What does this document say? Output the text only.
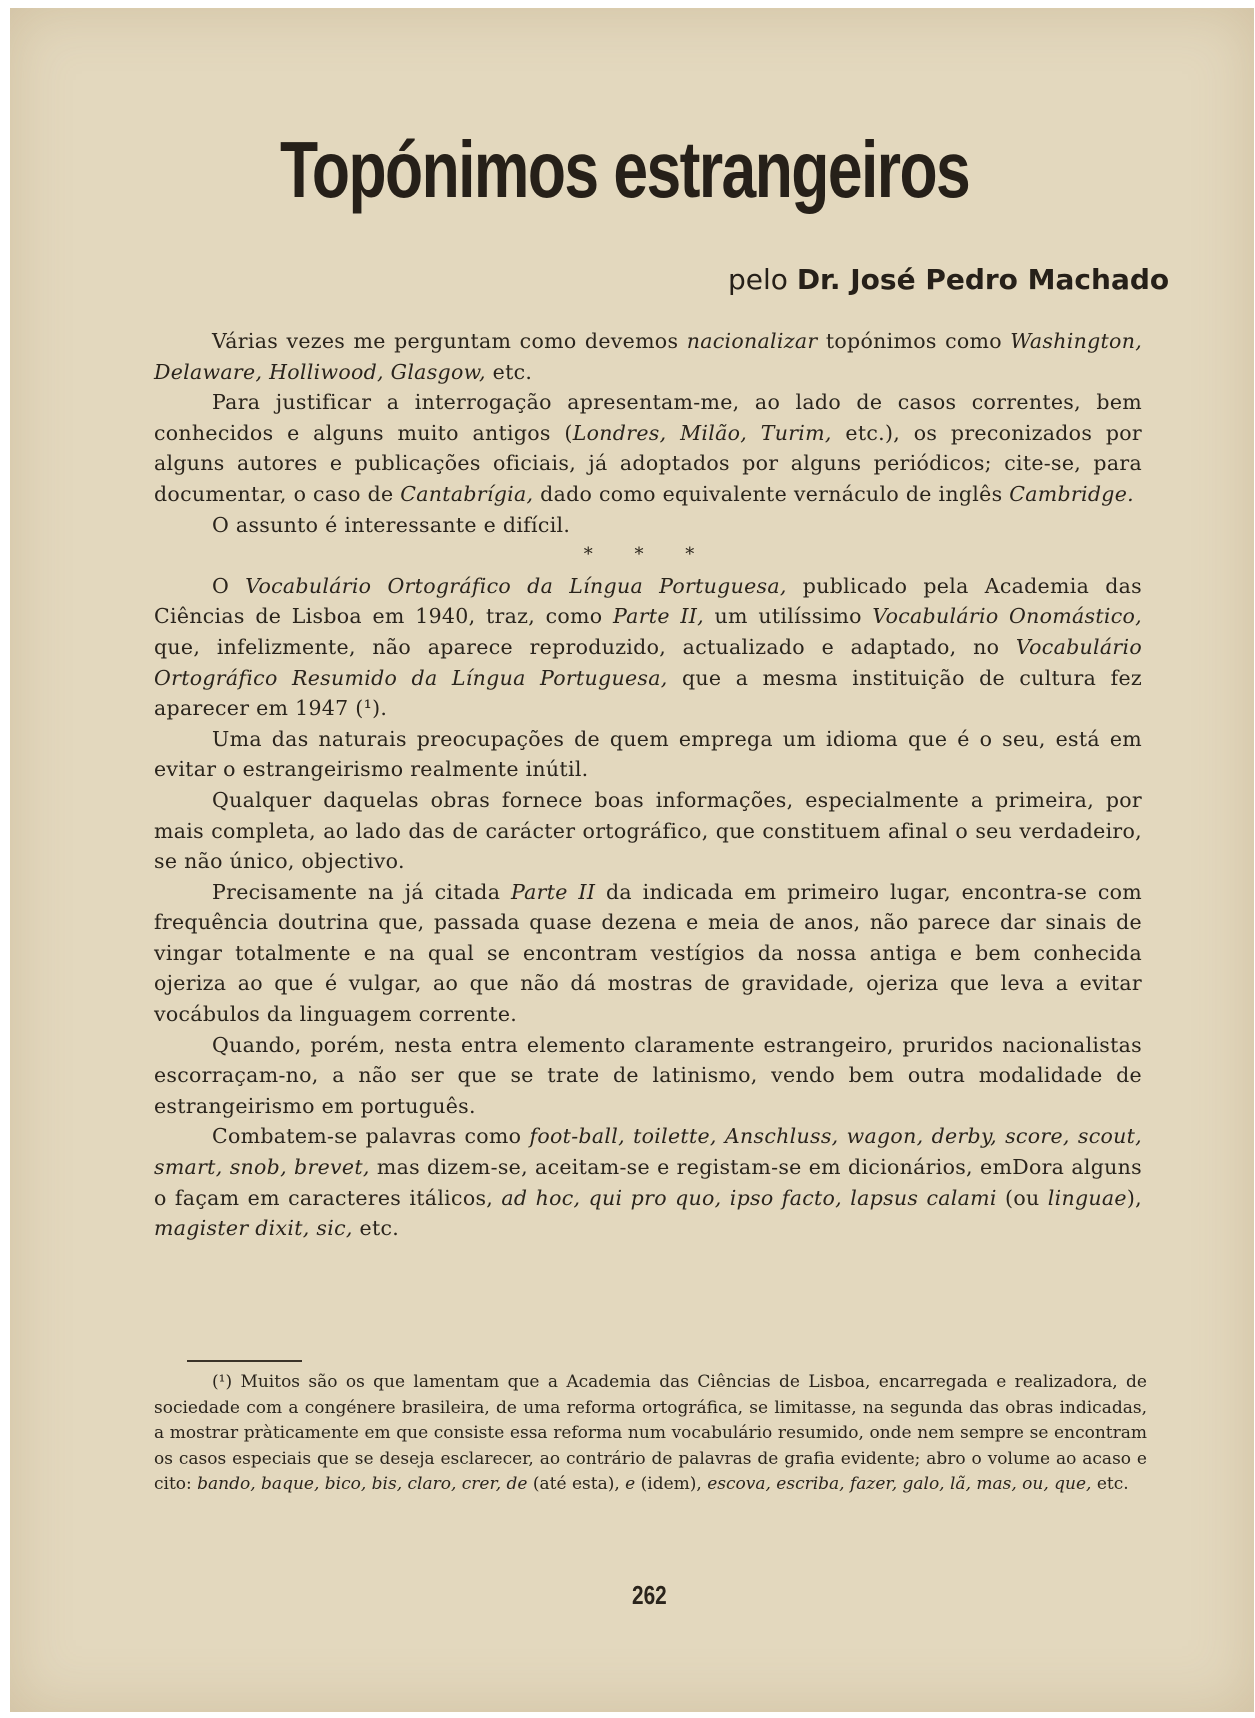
Topónimos estrangeiros
pelo Dr. José Pedro Machado

Várias vezes me perguntam como devemos nacionalizar topónimos como Washington, Delaware, Holliwood, Glasgow, etc.

Para justificar a interrogação apresentam-me, ao lado de casos correntes, bem conhecidos e alguns muito antigos (Londres, Milão, Turim, etc.), os preconizados por alguns autores e publicações oficiais, já adoptados por alguns periódicos; cite-se, para documentar, o caso de Cantabrígia, dado como equivalente vernáculo de inglês Cambridge.

O assunto é interessante e difícil.

* * *

O Vocabulário Ortográfico da Língua Portuguesa, publicado pela Academia das Ciências de Lisboa em 1940, traz, como Parte II, um utilíssimo Vocabulário Onomástico, que, infelizmente, não aparece reproduzido, actualizado e adaptado, no Vocabulário Ortográfico Resumido da Língua Portuguesa, que a mesma instituição de cultura fez aparecer em 1947 (¹).

Uma das naturais preocupações de quem emprega um idioma que é o seu, está em evitar o estrangeirismo realmente inútil.

Qualquer daquelas obras fornece boas informações, especialmente a primeira, por mais completa, ao lado das de carácter ortográfico, que constituem afinal o seu verdadeiro, se não único, objectivo.

Precisamente na já citada Parte II da indicada em primeiro lugar, encontra-se com frequência doutrina que, passada quase dezena e meia de anos, não parece dar sinais de vingar totalmente e na qual se encontram vestígios da nossa antiga e bem conhecida ojeriza ao que é vulgar, ao que não dá mostras de gravidade, ojeriza que leva a evitar vocábulos da linguagem corrente.

Quando, porém, nesta entra elemento claramente estrangeiro, pruridos nacionalistas escorraçam-no, a não ser que se trate de latinismo, vendo bem outra modalidade de estrangeirismo em português.

Combatem-se palavras como foot-ball, toilette, Anschluss, wagon, derby, score, scout, smart, snob, brevet, mas dizem-se, aceitam-se e registam-se em dicionários, emDora alguns o façam em caracteres itálicos, ad hoc, qui pro quo, ipso facto, lapsus calami (ou linguae), magister dixit, sic, etc.

(¹) Muitos são os que lamentam que a Academia das Ciências de Lisboa, encarregada e realizadora, de sociedade com a congénere brasileira, de uma reforma ortográfica, se limitasse, na segunda das obras indicadas, a mostrar pràticamente em que consiste essa reforma num vocabulário resumido, onde nem sempre se encontram os casos especiais que se deseja esclarecer, ao contrário de palavras de grafia evidente; abro o volume ao acaso e cito: bando, baque, bico, bis, claro, crer, de (até esta), e (idem), escova, escriba, fazer, galo, lã, mas, ou, que, etc.

262
